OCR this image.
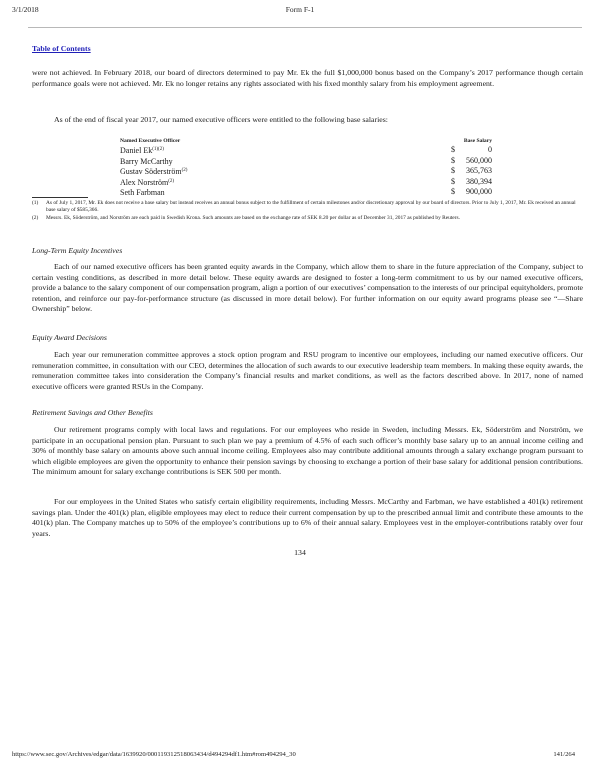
3/1/2018	Form F-1
Table of Contents
were not achieved. In February 2018, our board of directors determined to pay Mr. Ek the full $1,000,000 bonus based on the Company’s 2017 performance though certain performance goals were not achieved. Mr. Ek no longer retains any rights associated with his fixed monthly salary from his employment agreement.
As of the end of fiscal year 2017, our named executive officers were entitled to the following base salaries:
Named Executive Officer	Base Salary
Daniel $Ek^{(1)(2)}$	$	0
Barry McCarthy	$ 560,000
Gustav Söderström$^{(2)}$	$ 365,763
Alex Norström$^{(2)}$	$ 380,394
Seth Farbman	$ 900,000
(1) As of July 1, 2017, Mr. Ek does not receive a base salary but instead receives an annual bonus subject to the fulfillment of certain milestones and/or discretionary approval by our board of directors. Prior to July 1, 2017, Mr. Ek received an annual base salary of $585,366.
(2) Messrs. Ek, Söderström, and Norström are each paid in Swedish Krona. Such amounts are based on the exchange rate of SEK 8.20 per dollar as of December 31, 2017 as published by Reuters.
Long-Term Equity Incentives
Each of our named executive officers has been granted equity awards in the Company, which allow them to share in the future appreciation of the Company, subject to certain vesting conditions, as described in more detail below. These equity awards are designed to foster a long-term commitment to us by our named executive officers, provide a balance to the salary component of our compensation program, align a portion of our executives’ compensation to the interests of our principal equityholders, promote retention, and reinforce our pay-for-performance structure (as discussed in more detail below). For further information on our equity award programs please see “—Share Ownership” below.
Equity Award Decisions
Each year our remuneration committee approves a stock option program and RSU program to incentive our employees, including our named executive officers. Our remuneration committee, in consultation with our CEO, determines the allocation of such awards to our executive leadership team members. In making these equity awards, the remuneration committee takes into consideration the Company’s financial results and market conditions, as well as the factors described above. In 2017, none of named executive officers were granted RSUs in the Company.
Retirement Savings and Other Benefits
Our retirement programs comply with local laws and regulations. For our employees who reside in Sweden, including Messrs. Ek, Söderström and Norström, we participate in an occupational pension plan. Pursuant to such plan we pay a premium of 4.5% of each such officer’s monthly base salary up to an annual income ceiling and 30% of monthly base salary on amounts above such annual income ceiling. Employees also may contribute additional amounts through a salary exchange program pursuant to which eligible employees are given the opportunity to enhance their pension savings by choosing to exchange a portion of their base salary for additional pension contributions. The minimum amount for salary exchange contributions is SEK 500 per month.
For our employees in the United States who satisfy certain eligibility requirements, including Messrs. McCarthy and Farbman, we have established a 401(k) retirement savings plan. Under the 401(k) plan, eligible employees may elect to reduce their current compensation by up to the prescribed annual limit and contribute these amounts to the 401(k) plan. The Company matches up to 50% of the employee’s contributions up to 6% of their annual salary. Employees vest in the employer-contributions ratably over four years.
134
https://www.sec.gov/Archives/edgar/data/1639920/000119312518063434/d494294df1.htm#rom494294_30	141/264
